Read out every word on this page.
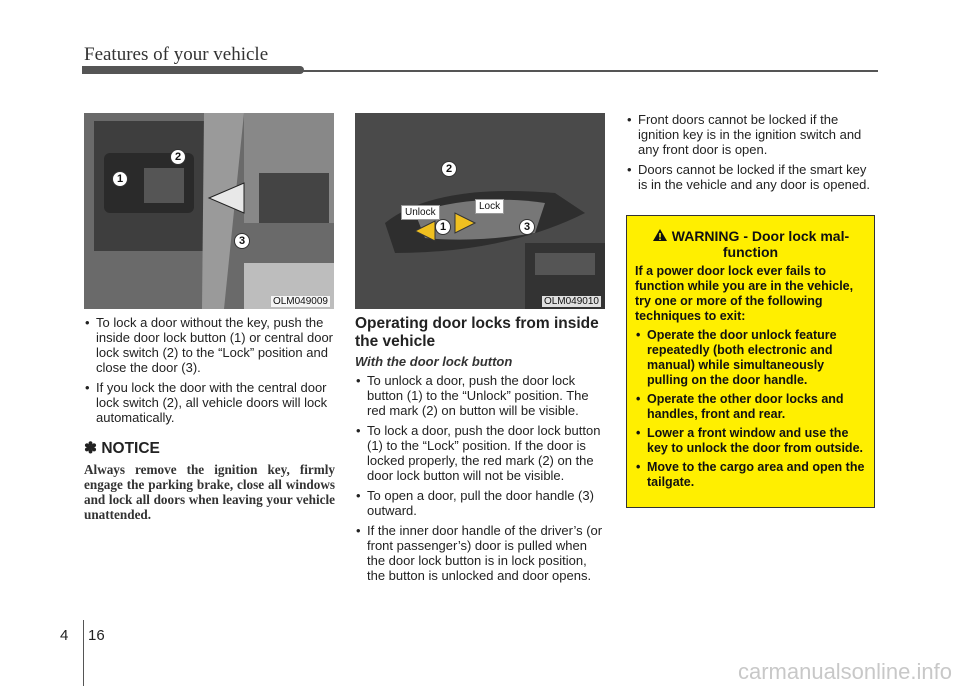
Features of your vehicle
1
2
3
OLM049009
2
1	3
Unlock
Lock
OLM049010
• To lock a door without the key, push the inside door lock button (1) or central door lock switch (2) to the “Lock” position and close the door (3).
• If you lock the door with the central door lock switch (2), all vehicle doors will lock automatically.
✽ NOTICE
Always remove the ignition key, firmly engage the parking brake, close all windows and lock all doors when leaving your vehicle unattended.
Operating door locks from inside the vehicle
With the door lock button
• To unlock a door, push the door lock button (1) to the “Unlock” position. The red mark (2) on button will be visible.
• To lock a door, push the door lock button (1) to the “Lock” position. If the door is locked properly, the red mark (2) on the door lock button will not be visible.
• To open a door, pull the door handle (3) outward.
• If the inner door handle of the driver’s (or front passenger’s) door is pulled when the door lock button is in lock position, the button is unlocked and door opens.
• Front doors cannot be locked if the ignition key is in the ignition switch and any front door is open.
• Doors cannot be locked if the smart key is in the vehicle and any door is opened.
WARNING - Door lock mal-function
If a power door lock ever fails to function while you are in the vehicle, try one or more of the following techniques to exit:
• Operate the door unlock feature repeatedly (both electronic and manual) while simultaneously pulling on the door handle.
• Operate the other door locks and handles, front and rear.
• Lower a front window and use the key to unlock the door from outside.
• Move to the cargo area and open the tailgate.
4 16
carmanualsonline.info
